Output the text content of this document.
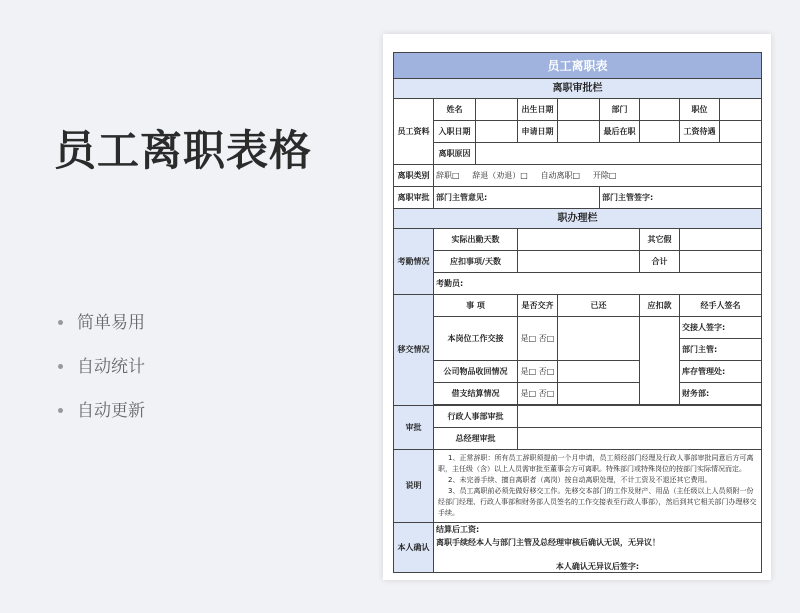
员工离职表格
简单易用
自动统计
自动更新
员工离职表								
离职审批栏								
员工资料	姓名		出生日期		部门		职位	
	入职日期		申请日期		最后在职		工资待遇	
	离职原因							
离职类别	辞职□ 辞退（劝退）□ 自动离职□ 开除□							
离职审批	部门主管意见:				部门主管签字:			
职办理栏								
考勤情况	实际出勤天数					其它假		
	应扣事项/天数					合计		
	考勤员:							
移交情况	事 项		是否交齐	已还		应扣款	经手人签名	
	本岗位工作交接		是□ 否□				交接人签字:	
							部门主管:	
	公司物品收回情况		是□ 否□				库存管理处:	
	借支结算情况		是□ 否□				财务部:	

审批	行政人事部审批							
	总经理审批							
说明	1、正常辞职：所有员工辞职须提前一个月申请，员工须经部门经理及行政人事部审批同意后方可离职，主任级（含）以上人员需审批至董事会方可离职。特殊部门或特殊岗位的按部门实际情况而定。

2、未完善手续、擅自离职者（离岗）按自动离职处理，不计工资及不退还其它费用。

3、员工离职前必须先做好移交工作。先移交本部门的工作及财产、用品（主任级以上人员须附一份经部门经理、行政人事部和财务部人员签名的工作交接表至行政人事部），然后到其它相关部门办理移交手续。							

本人确认	结算后工资:
离职手续经本人与部门主管及总经理审核后确认无误，无异议！
本人确认无异议后签字:							
